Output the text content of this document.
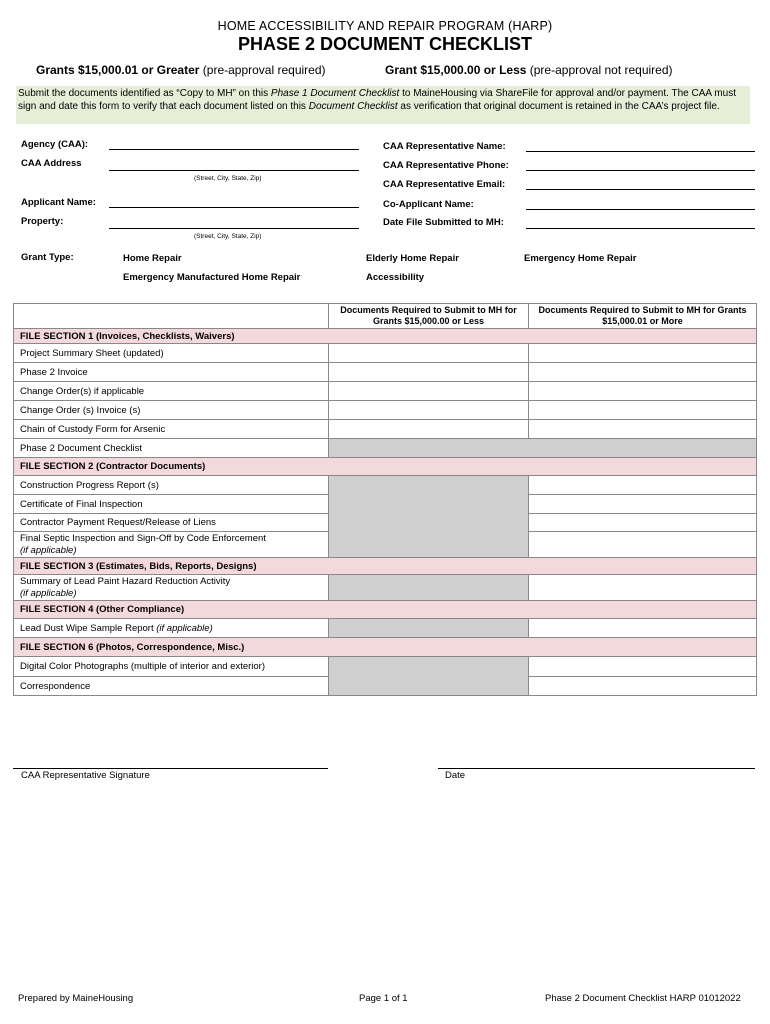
HOME ACCESSIBILITY AND REPAIR PROGRAM (HARP)
PHASE 2 DOCUMENT CHECKLIST
Grants $15,000.01 or Greater (pre-approval required)	Grant $15,000.00 or Less (pre-approval not required)
Submit the documents identified as “Copy to MH” on this Phase 1 Document Checklist to MaineHousing via ShareFile for approval and/or payment. The CAA must sign and date this form to verify that each document listed on this Document Checklist as verification that original document is retained in the CAA’s project file.
Agency (CAA):
CAA Address
(Street, City, State, Zip)
Applicant Name:
Property:
(Street, City, State, Zip)
CAA Representative Name:
CAA Representative Phone:
CAA Representative Email:
Co-Applicant Name:
Date File Submitted to MH:
Grant Type:	Home Repair	Elderly Home Repair	Emergency Home Repair
Emergency Manufactured Home Repair	Accessibility
	Documents Required to Submit to MH for Grants $15,000.00 or Less	Documents Required to Submit to MH for Grants $15,000.01 or More
FILE SECTION 1 (Invoices, Checklists, Waivers)		
Project Summary Sheet (updated)		
Phase 2 Invoice		
Change Order(s) if applicable		
Change Order (s) Invoice (s)		
Chain of Custody Form for Arsenic		
Phase 2 Document Checklist		
FILE SECTION 2 (Contractor Documents)		
Construction Progress Report (s)		
Certificate of Final Inspection		
Contractor Payment Request/Release of Liens		
Final Septic Inspection and Sign-Off by Code Enforcement
(if applicable)		
FILE SECTION 3 (Estimates, Bids, Reports, Designs)		
Summary of Lead Paint Hazard Reduction Activity
(if applicable)		
FILE SECTION 4 (Other Compliance)		
Lead Dust Wipe Sample Report (if applicable)		
FILE SECTION 6 (Photos, Correspondence, Misc.)		
Digital Color Photographs (multiple of interior and exterior)		
Correspondence		
CAA Representative Signature	Date
Prepared by MaineHousing	Page 1 of 1	Phase 2 Document Checklist HARP 01012022
